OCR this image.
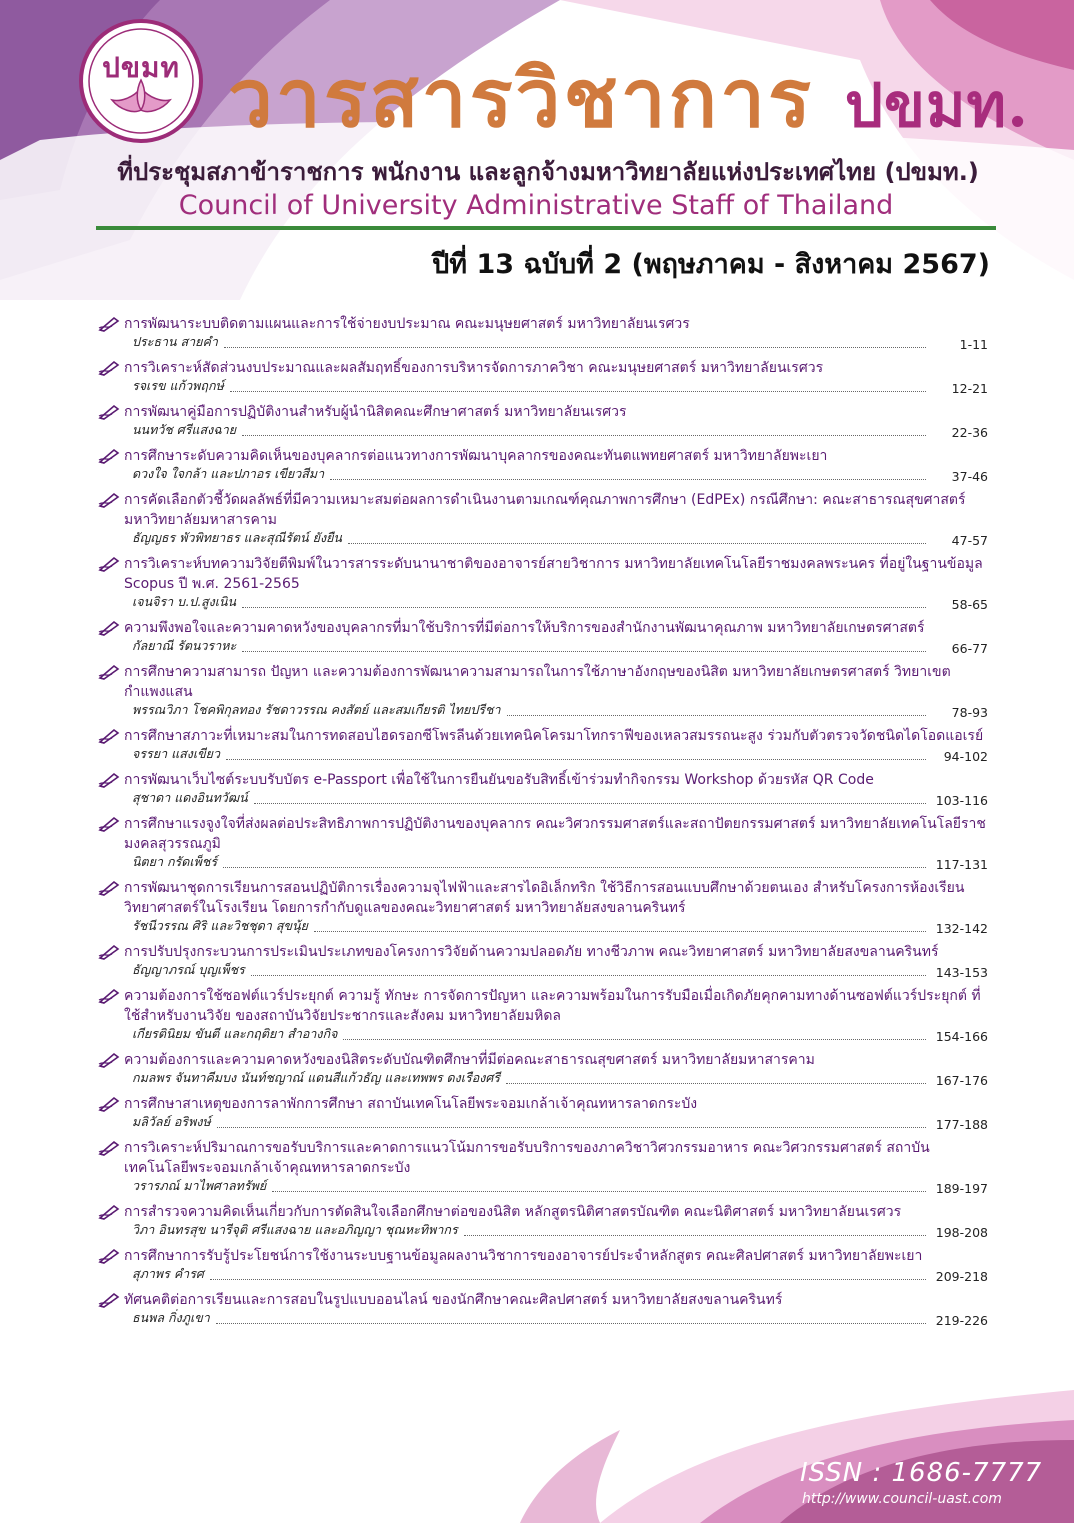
ปขมท วารสารวิชาการ ปขมท.
ที่ประชุมสภาข้าราชการ พนักงาน และลูกจ้างมหาวิทยาลัยแห่งประเทศไทย (ปขมท.)
Council of University Administrative Staff of Thailand
ปีที่ 13 ฉบับที่ 2 (พฤษภาคม - สิงหาคม 2567)
การพัฒนาระบบติดตามแผนและการใช้จ่ายงบประมาณ คณะมนุษยศาสตร์ มหาวิทยาลัยนเรศวร
ประธาน สายคำ	1-11
การวิเคราะห์สัดส่วนงบประมาณและผลสัมฤทธิ์ของการบริหารจัดการภาควิชา คณะมนุษยศาสตร์ มหาวิทยาลัยนเรศวร
รจเรข แก้วพฤกษ์	12-21
การพัฒนาคู่มือการปฏิบัติงานสำหรับผู้นำนิสิตคณะศึกษาศาสตร์ มหาวิทยาลัยนเรศวร
นนทวัช ศรีแสงฉาย	22-36
การศึกษาระดับความคิดเห็นของบุคลากรต่อแนวทางการพัฒนาบุคลากรของคณะทันตแพทยศาสตร์ มหาวิทยาลัยพะเยา
ดวงใจ ใจกล้า และปภาอร เขียวสีมา	37-46
การคัดเลือกตัวชี้วัดผลลัพธ์ที่มีความเหมาะสมต่อผลการดำเนินงานตามเกณฑ์คุณภาพการศึกษา (EdPEx) กรณีศึกษา: คณะสาธารณสุขศาสตร์ มหาวิทยาลัยมหาสารคาม
ธัญญธร พัวพิทยาธร และสุณีรัตน์ ยังยืน	47-57
การวิเคราะห์บทความวิจัยตีพิมพ์ในวารสารระดับนานาชาติของอาจารย์สายวิชาการ มหาวิทยาลัยเทคโนโลยีราชมงคลพระนคร ที่อยู่ในฐานข้อมูล Scopus ปี พ.ศ. 2561-2565
เจนจิรา บ.ป.สูงเนิน	58-65
ความพึงพอใจและความคาดหวังของบุคลากรที่มาใช้บริการที่มีต่อการให้บริการของสำนักงานพัฒนาคุณภาพ มหาวิทยาลัยเกษตรศาสตร์
กัลยาณี รัตนวราหะ	66-77
การศึกษาความสามารถ ปัญหา และความต้องการพัฒนาความสามารถในการใช้ภาษาอังกฤษของนิสิต มหาวิทยาลัยเกษตรศาสตร์ วิทยาเขตกำแพงแสน
พรรณวิภา โชคพิกุลทอง รัชดาวรรณ คงสัตย์ และสมเกียรติ ไทยปรีชา	78-93
การศึกษาสภาวะที่เหมาะสมในการทดสอบไฮดรอกซีโพรลีนด้วยเทคนิคโครมาโทกราฟีของเหลวสมรรถนะสูง ร่วมกับตัวตรวจวัดชนิดไดโอดแอเรย์
จรรยา แสงเขียว	94-102
การพัฒนาเว็บไซต์ระบบรับบัตร e-Passport เพื่อใช้ในการยืนยันขอรับสิทธิ์เข้าร่วมทำกิจกรรม Workshop ด้วยรหัส QR Code
สุชาดา แดงอินทวัฒน์	103-116
การศึกษาแรงจูงใจที่ส่งผลต่อประสิทธิภาพการปฏิบัติงานของบุคลากร คณะวิศวกรรมศาสตร์และสถาปัตยกรรมศาสตร์ มหาวิทยาลัยเทคโนโลยีราชมงคลสุวรรณภูมิ
นิตยา กรัดเพ็ชร์	117-131
การพัฒนาชุดการเรียนการสอนปฏิบัติการเรื่องความจุไฟฟ้าและสารไดอิเล็กทริก ใช้วิธีการสอนแบบศึกษาด้วยตนเอง สำหรับโครงการห้องเรียนวิทยาศาสตร์ในโรงเรียน โดยการกำกับดูแลของคณะวิทยาศาสตร์ มหาวิทยาลัยสงขลานครินทร์
รัชนีวรรณ ศิริ และวิชชุดา สุขนุ้ย	132-142
การปรับปรุงกระบวนการประเมินประเภทของโครงการวิจัยด้านความปลอดภัย ทางชีวภาพ คณะวิทยาศาสตร์ มหาวิทยาลัยสงขลานครินทร์
ธัญญาภรณ์ บุญเพ็ชร	143-153
ความต้องการใช้ซอฟต์แวร์ประยุกต์ ความรู้ ทักษะ การจัดการปัญหา และความพร้อมในการรับมือเมื่อเกิดภัยคุกคามทางด้านซอฟต์แวร์ประยุกต์ ที่ใช้สำหรับงานวิจัย ของสถาบันวิจัยประชากรและสังคม มหาวิทยาลัยมหิดล
เกียรตินิยม ขันตี และกฤติยา สำอางกิจ	154-166
ความต้องการและความคาดหวังของนิสิตระดับบัณฑิตศึกษาที่มีต่อคณะสาธารณสุขศาสตร์ มหาวิทยาลัยมหาสารคาม
กมลพร จันทาคีมบง นันท์ชญาณ์ แดนสีแก้วธัญ และเทพพร ดงเรืองศรี	167-176
การศึกษาสาเหตุของการลาพักการศึกษา สถาบันเทคโนโลยีพระจอมเกล้าเจ้าคุณทหารลาดกระบัง
มลิวัลย์ อริพงษ์	177-188
การวิเคราะห์ปริมาณการขอรับบริการและคาดการแนวโน้มการขอรับบริการของภาควิชาวิศวกรรมอาหาร คณะวิศวกรรมศาสตร์ สถาบันเทคโนโลยีพระจอมเกล้าเจ้าคุณทหารลาดกระบัง
วรารภณ์ มาไพศาลทรัพย์	189-197
การสำรวจความคิดเห็นเกี่ยวกับการตัดสินใจเลือกศึกษาต่อของนิสิต หลักสูตรนิติศาสตรบัณฑิต คณะนิติศาสตร์ มหาวิทยาลัยนเรศวร
วิภา อินทรสุข นารีจุติ ศรีแสงฉาย และอภิญญา ชุณหะทิพากร	198-208
การศึกษาการรับรู้ประโยชน์การใช้งานระบบฐานข้อมูลผลงานวิชาการของอาจารย์ประจำหลักสูตร คณะศิลปศาสตร์ มหาวิทยาลัยพะเยา
สุภาพร คำรศ	209-218
ทัศนคติต่อการเรียนและการสอบในรูปแบบออนไลน์ ของนักศึกษาคณะศิลปศาสตร์ มหาวิทยาลัยสงขลานครินทร์
ธนพล กิ่งภูเขา	219-226
ISSN : 1686-7777
http://www.council-uast.com
